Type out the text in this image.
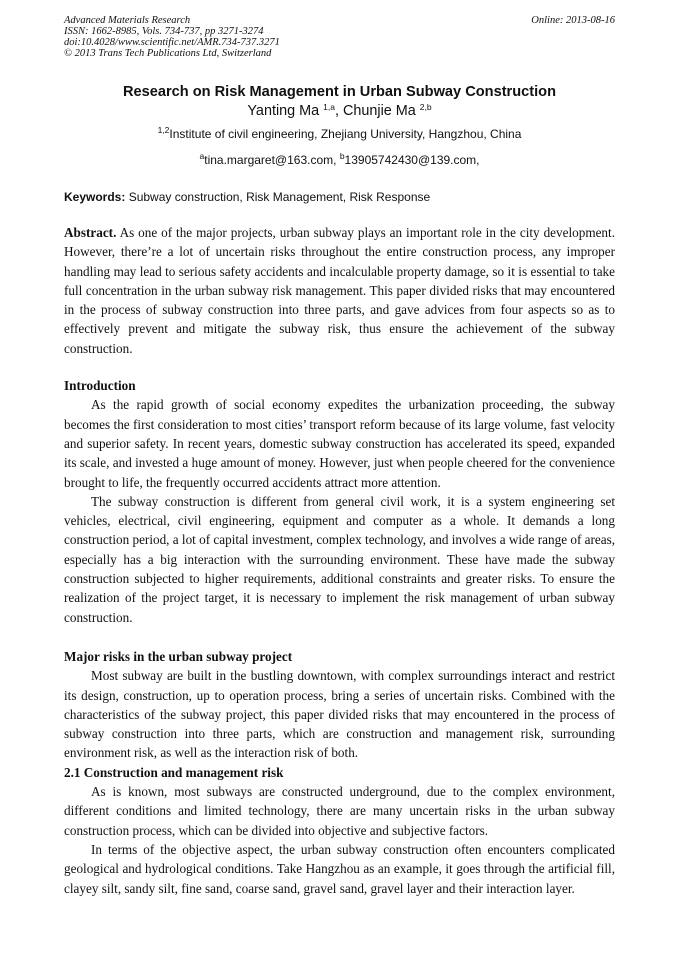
Advanced Materials Research
ISSN: 1662-8985, Vols. 734-737, pp 3271-3274
doi:10.4028/www.scientific.net/AMR.734-737.3271
© 2013 Trans Tech Publications Ltd, Switzerland
Online: 2013-08-16
Research on Risk Management in Urban Subway Construction
Yanting Ma $^{1,a}$, Chunjie Ma $^{2,b}$
$^{1,2}$Institute of civil engineering, Zhejiang University, Hangzhou, China
$^a$tina.margaret@163.com, $^b$13905742430@139.com,
Keywords: Subway construction, Risk Management, Risk Response

Abstract. As one of the major projects, urban subway plays an important role in the city development. However, there’re a lot of uncertain risks throughout the entire construction process, any improper handling may lead to serious safety accidents and incalculable property damage, so it is essential to take full concentration in the urban subway risk management. This paper divided risks that may encountered in the process of subway construction into three parts, and gave advices from four aspects so as to effectively prevent and mitigate the subway risk, thus ensure the achievement of the subway construction.

Introduction

As the rapid growth of social economy expedites the urbanization proceeding, the subway becomes the first consideration to most cities’ transport reform because of its large volume, fast velocity and superior safety. In recent years, domestic subway construction has accelerated its speed, expanded its scale, and invested a huge amount of money. However, just when people cheered for the convenience brought to life, the frequently occurred accidents attract more attention.

The subway construction is different from general civil work, it is a system engineering set vehicles, electrical, civil engineering, equipment and computer as a whole. It demands a long construction period, a lot of capital investment, complex technology, and involves a wide range of areas, especially has a big interaction with the surrounding environment. These have made the subway construction subjected to higher requirements, additional constraints and greater risks. To ensure the realization of the project target, it is necessary to implement the risk management of urban subway construction.

Major risks in the urban subway project

Most subway are built in the bustling downtown, with complex surroundings interact and restrict its design, construction, up to operation process, bring a series of uncertain risks. Combined with the characteristics of the subway project, this paper divided risks that may encountered in the process of subway construction into three parts, which are construction and management risk, surrounding environment risk, as well as the interaction risk of both.

2.1 Construction and management risk

As is known, most subways are constructed underground, due to the complex environment, different conditions and limited technology, there are many uncertain risks in the urban subway construction process, which can be divided into objective and subjective factors.

In terms of the objective aspect, the urban subway construction often encounters complicated geological and hydrological conditions. Take Hangzhou as an example, it goes through the artificial fill, clayey silt, sandy silt, fine sand, coarse sand, gravel sand, gravel layer and their interaction layer.
